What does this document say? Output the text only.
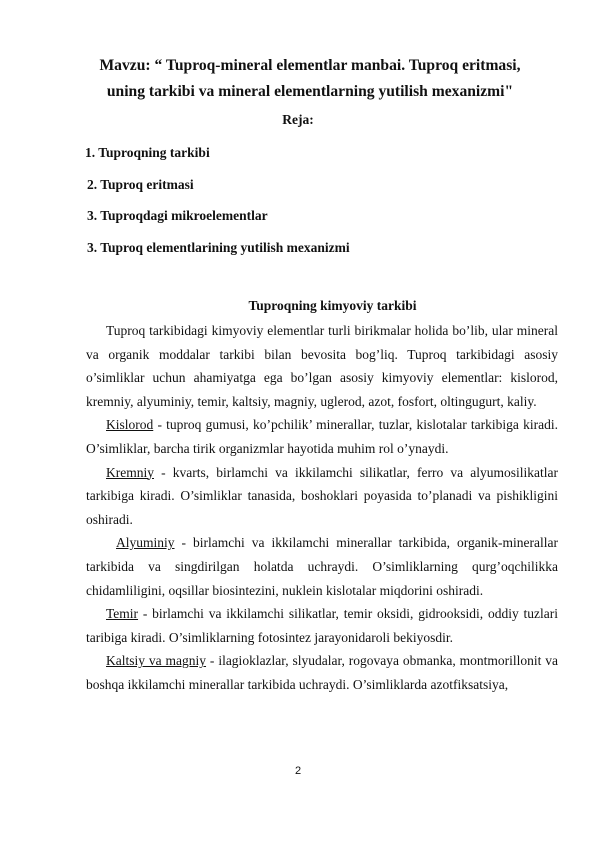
Mavzu: “ Tuproq-mineral elementlar manbai. Tuproq eritmasi,
uning tarkibi va mineral elementlarning yutilish mexanizmi"
Reja:
1. Tuproqning tarkibi
2. Tuproq eritmasi
3. Tuproqdagi mikroelementlar
3. Tuproq elementlarining yutilish mexanizmi
Tuproqning kimyoviy tarkibi

Tuproq tarkibidagi kimyoviy elementlar turli birikmalar holida bo’lib, ular mineral va organik moddalar tarkibi bilan bevosita bog’liq. Tuproq tarkibidagi asosiy o’simliklar uchun ahamiyatga ega bo’lgan asosiy kimyoviy elementlar: kislorod, kremniy, alyuminiy, temir, kaltsiy, magniy, uglerod, azot, fosfort, oltingugurt, kaliy.

Kislorod - tuproq gumusi, ko’pchilik’ minerallar, tuzlar, kislotalar tarkibiga kiradi. O’simliklar, barcha tirik organizmlar hayotida muhim rol o’ynaydi.

Kremniy - kvarts, birlamchi va ikkilamchi silikatlar, ferro va alyumosilikatlar tarkibiga kiradi. O’simliklar tanasida, boshoklari poyasida to’planadi va pishikligini oshiradi.

Alyuminiy - birlamchi va ikkilamchi minerallar tarkibida, organik-minerallar tarkibida va singdirilgan holatda uchraydi. O’simliklarning qurg’oqchilikka chidamliligini, oqsillar biosintezini, nuklein kislotalar miqdorini oshiradi.

Temir - birlamchi va ikkilamchi silikatlar, temir oksidi, gidrooksidi, oddiy tuzlari taribiga kiradi. O’simliklarning fotosintez jarayonidaroli bekiyosdir.

Kaltsiy va magniy - ilagioklazlar, slyudalar, rogovaya obmanka, montmorillonit va boshqa ikkilamchi minerallar tarkibida uchraydi. O’simliklarda azotfiksatsiya,

2
